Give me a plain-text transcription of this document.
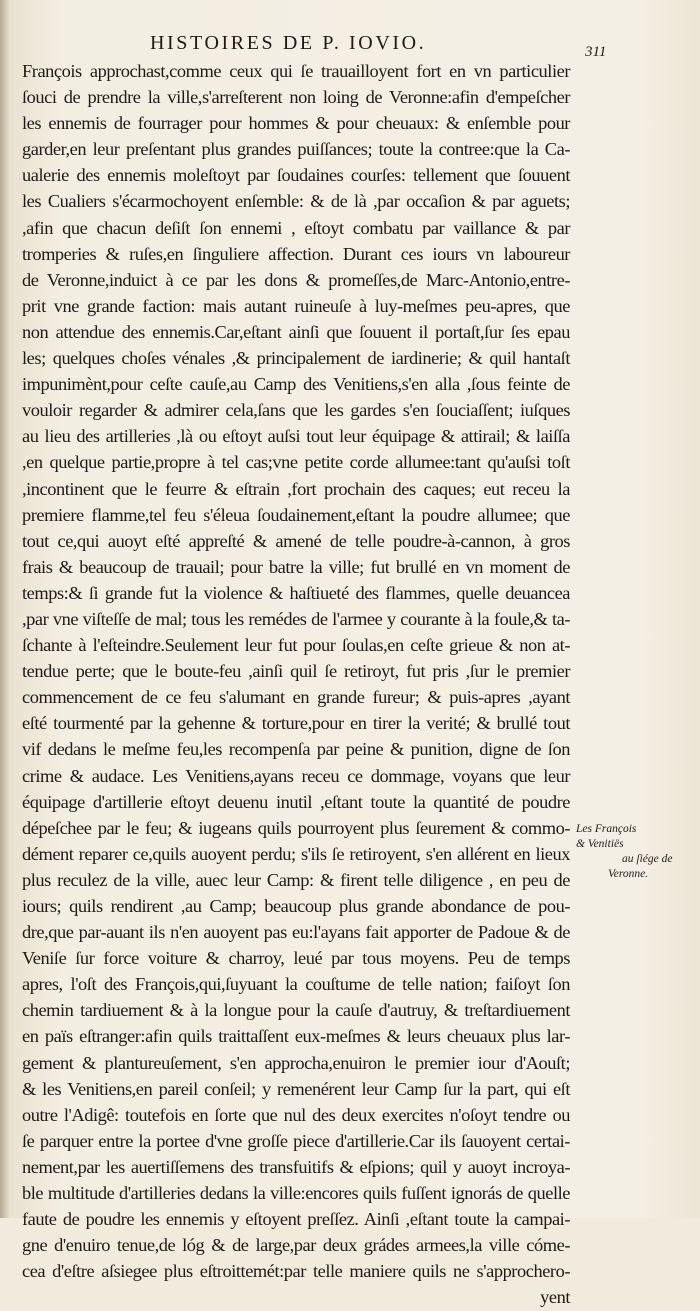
HISTOIRES DE P. IOVIO.	311
François approchast,comme ceux qui ſe trauailloyent fort en vn particulier
ſouci de prendre la ville,s'arreſterent non loing de Veronne:afin d'empeſcher
les ennemis de fourrager pour hommes & pour cheuaux: & enſemble pour
garder,en leur preſentant plus grandes puiſſances; toute la contree:que la Ca-
ualerie des ennemis moleſtoyt par ſoudaines courſes: tellement que ſouuent
les Cualiers s'écarmochoyent enſemble: & de là ,par occaſion & par aguets;
,afin que chacun deſiſt ſon ennemi , eſtoyt combatu par vaillance & par
tromperies & ruſes,en ſinguliere affection. Durant ces iours vn laboureur
de Veronne,induict à ce par les dons & promeſſes,de Marc-Antonio,entre-
prit vne grande faction: mais autant ruineuſe à luy-meſmes peu-apres, que
non attendue des ennemis.Car,eſtant ainſi que ſouuent il portaſt,ſur ſes epau
les; quelques choſes vénales ,& principalement de iardinerie; & quil hantaſt
impunimènt,pour ceſte cauſe,au Camp des Venitiens,s'en alla ,ſous feinte de
vouloir regarder & admirer cela,ſans que les gardes s'en ſouciaſſent; iuſques
au lieu des artilleries ,là ou eſtoyt auſsi tout leur équipage & attirail; & laiſſa
,en quelque partie,propre à tel cas;vne petite corde allumee:tant qu'auſsi toſt
,incontinent que le feurre & eſtrain ,fort prochain des caques; eut receu la
premiere flamme,tel feu s'éleua ſoudainement,eſtant la poudre allumee; que
tout ce,qui auoyt eſté appreſté & amené de telle poudre-à-cannon, à gros
frais & beaucoup de trauail; pour batre la ville; fut brullé en vn moment de
temps:& ſi grande fut la violence & haſtiueté des flammes, quelle deuancea
,par vne viſteſſe de mal; tous les remédes de l'armee y courante à la foule,& ta-
ſchante à l'eſteindre.Seulement leur fut pour ſoulas,en ceſte grieue & non at-
tendue perte; que le boute-feu ,ainſi quil ſe retiroyt, fut pris ,ſur le premier
commencement de ce feu s'alumant en grande fureur; & puis-apres ,ayant
eſté tourmenté par la gehenne & torture,pour en tirer la verité; & brullé tout
vif dedans le meſme feu,les recompenſa par peine & punition, digne de ſon
crime & audace. Les Venitiens,ayans receu ce dommage, voyans que leur
équipage d'artillerie eſtoyt deuenu inutil ,eſtant toute la quantité de poudre
dépeſchee par le feu; & iugeans quils pourroyent plus ſeurement & commo-
dément reparer ce,quils auoyent perdu; s'ils ſe retiroyent, s'en allérent en lieux
plus reculez de la ville, auec leur Camp: & firent telle diligence , en peu de
iours; quils rendirent ,au Camp; beaucoup plus grande abondance de pou-
dre,que par-auant ils n'en auoyent pas eu:l'ayans fait apporter de Padoue & de
Veniſe ſur force voiture & charroy, leué par tous moyens. Peu de temps
apres, l'oſt des François,qui,ſuyuant la couſtume de telle nation; faiſoyt ſon
chemin tardiuement & à la longue pour la cauſe d'autruy, & treſtardiuement
en païs eſtranger:afin quils traittaſſent eux-meſmes & leurs cheuaux plus lar-
gement & plantureuſement, s'en approcha,enuiron le premier iour d'Aouſt;
& les Venitiens,en pareil conſeil; y remenérent leur Camp ſur la part, qui eſt
outre l'Adigê: toutefois en ſorte que nul des deux exercites n'oſoyt tendre ou
ſe parquer entre la portee d'vne groſſe piece d'artillerie.Car ils ſauoyent certai-
nement,par les auertiſſemens des transfuitifs & eſpions; quil y auoyt incroya-
ble multitude d'artilleries dedans la ville:encores quils fuſſent ignorás de quelle
faute de poudre les ennemis y eſtoyent preſſez. Ainſi ,eſtant toute la campai-
gne d'enuiro tenue,de lóg & de large,par deux grádes armees,la ville cóme-
cea d'eſtre aſsiegee plus eſtroittemét:par telle maniere quils ne s'approchero-
yent
Les François
& Venitiës
au ſiége de
Veronne.
